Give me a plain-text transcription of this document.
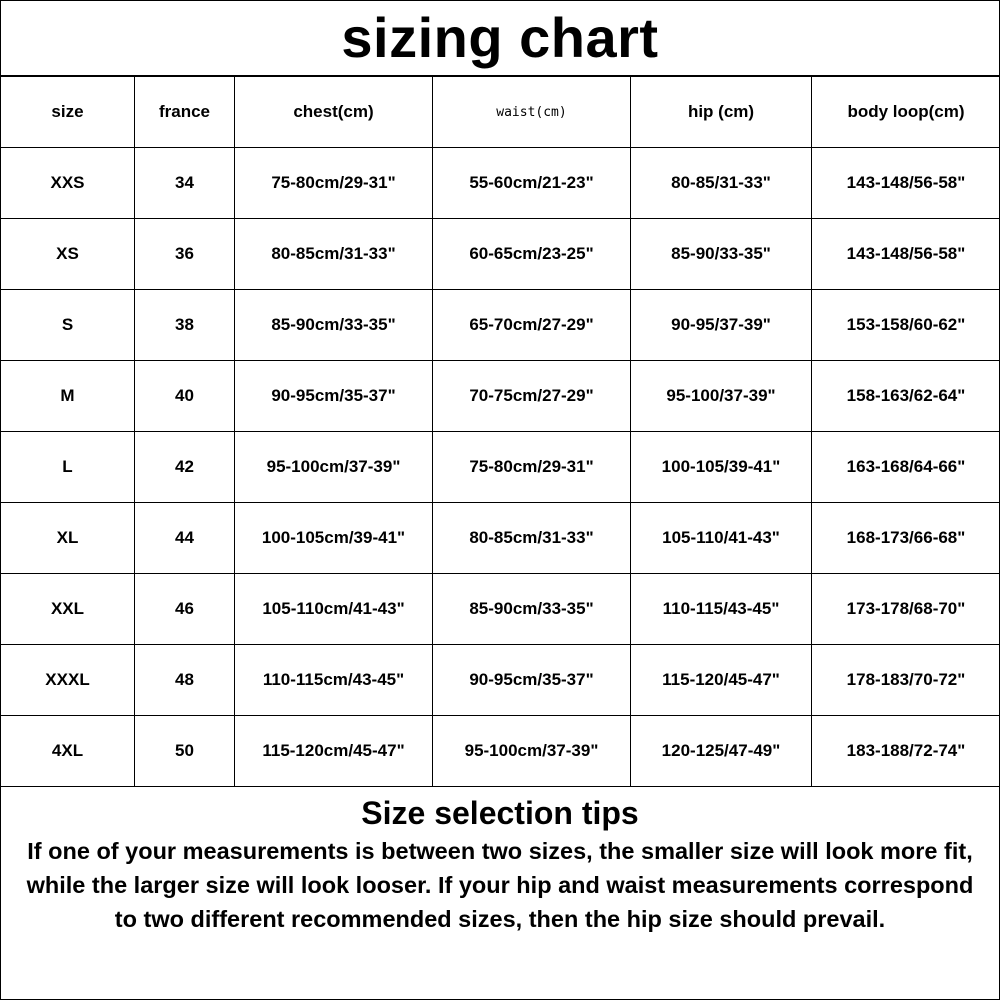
sizing chart
size	france	chest(cm)	waist(cm)	hip (cm)	body loop(cm)
XXS	34	75-80cm/29-31"	55-60cm/21-23"	80-85/31-33"	143-148/56-58"
XS	36	80-85cm/31-33"	60-65cm/23-25"	85-90/33-35"	143-148/56-58"
S	38	85-90cm/33-35"	65-70cm/27-29"	90-95/37-39"	153-158/60-62"
M	40	90-95cm/35-37"	70-75cm/27-29"	95-100/37-39"	158-163/62-64"
L	42	95-100cm/37-39"	75-80cm/29-31"	100-105/39-41"	163-168/64-66"
XL	44	100-105cm/39-41"	80-85cm/31-33"	105-110/41-43"	168-173/66-68"
XXL	46	105-110cm/41-43"	85-90cm/33-35"	110-115/43-45"	173-178/68-70"
XXXL	48	110-115cm/43-45"	90-95cm/35-37"	115-120/45-47"	178-183/70-72"
4XL	50	115-120cm/45-47"	95-100cm/37-39"	120-125/47-49"	183-188/72-74"
Size selection tips
If one of your measurements is between two sizes, the smaller size will look more fit, while the larger size will look looser. If your hip and waist measurements correspond to two different recommended sizes, then the hip size should prevail.
